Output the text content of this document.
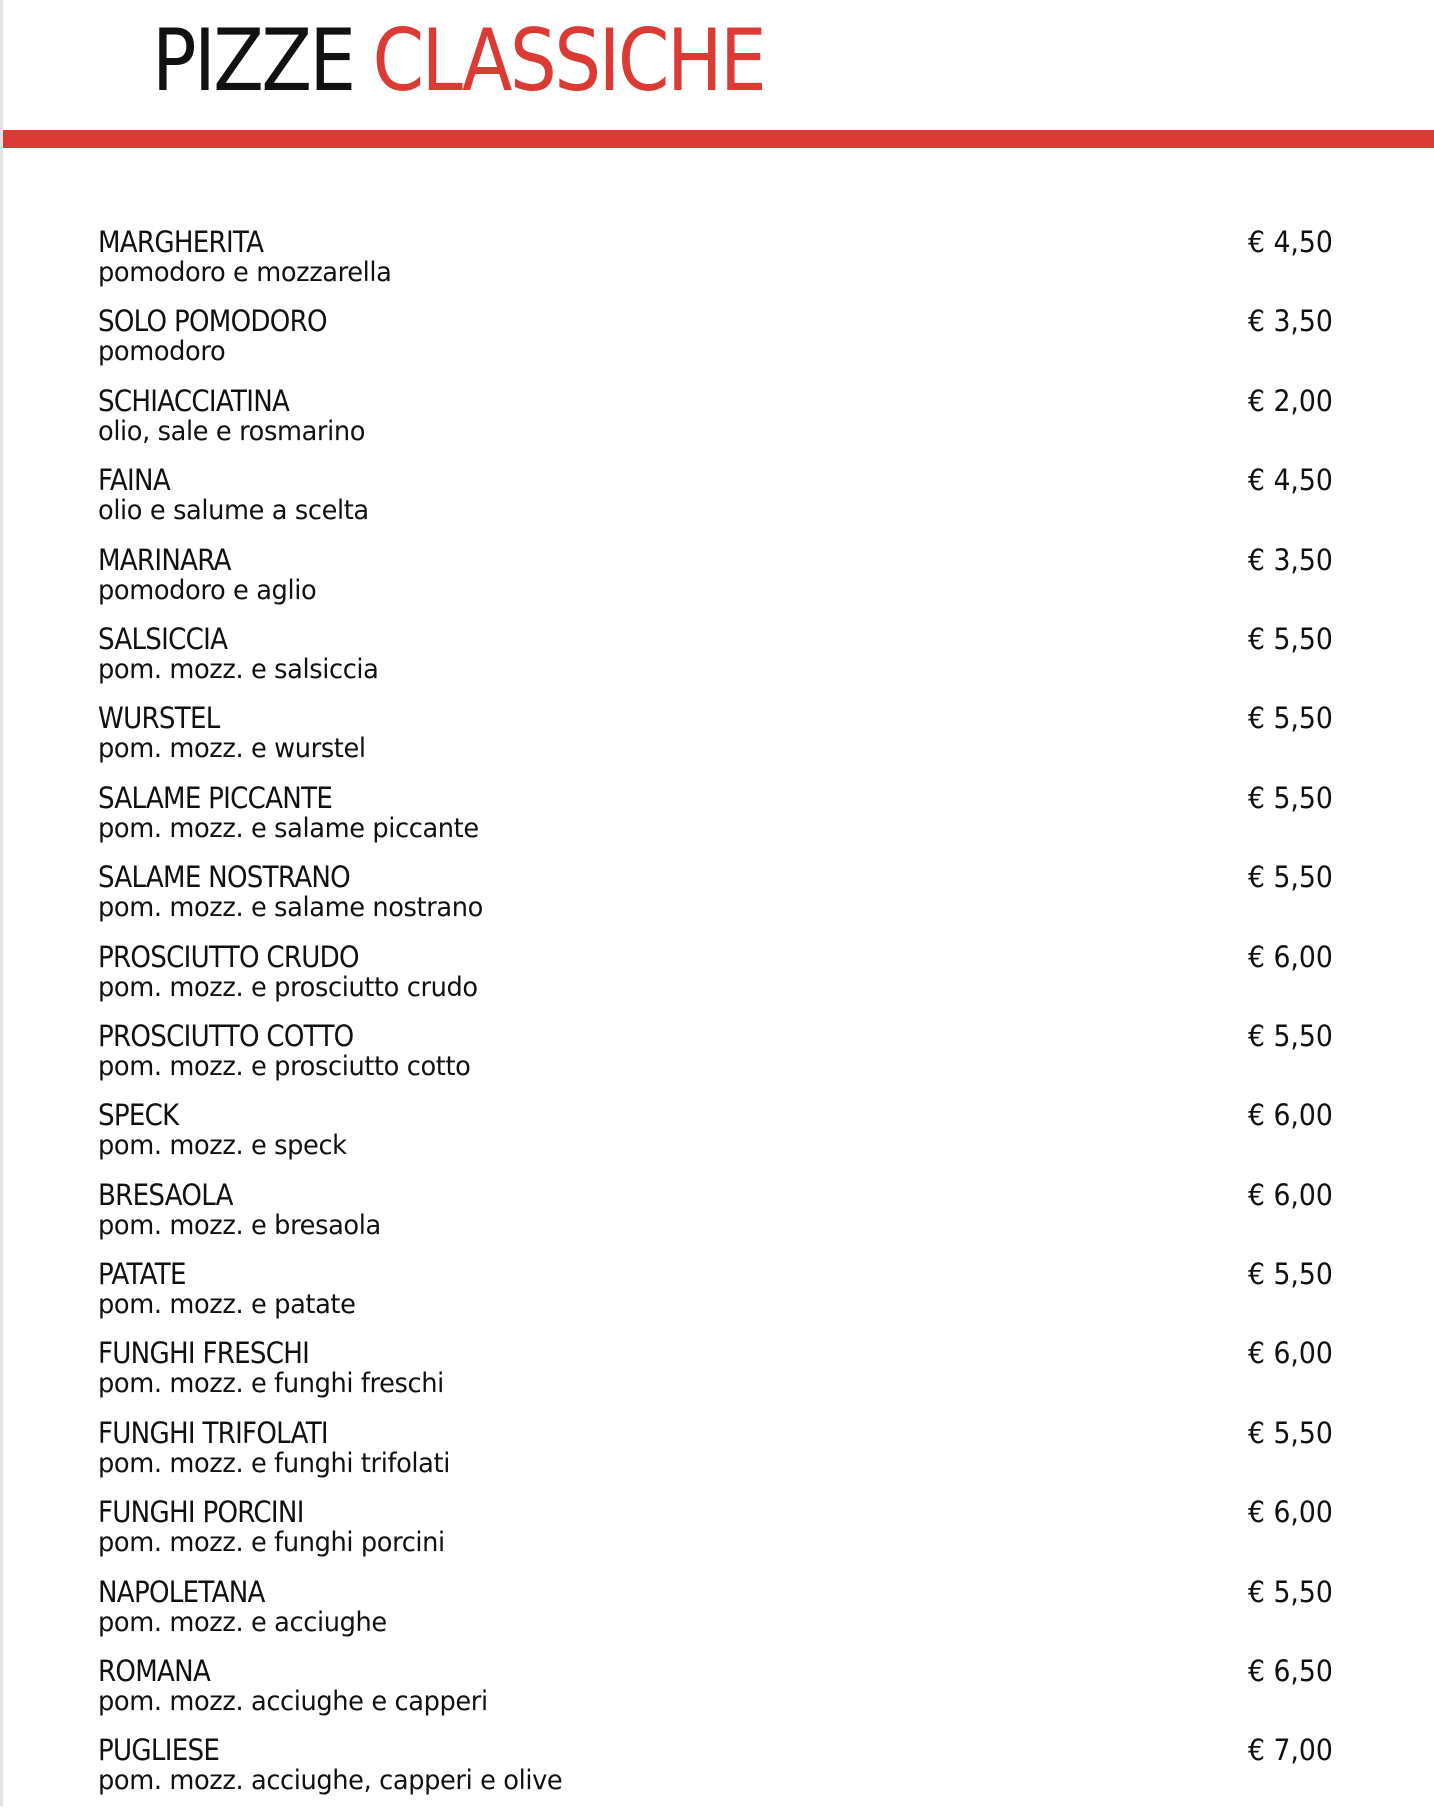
PIZZE CLASSICHE
MARGHERITA
pomodoro e mozzarella
€ 4,50
SOLO POMODORO
pomodoro
€ 3,50
SCHIACCIATINA
olio, sale e rosmarino
€ 2,00
FAINA
olio e salume a scelta
€ 4,50
MARINARA
pomodoro e aglio
€ 3,50
SALSICCIA
pom. mozz. e salsiccia
€ 5,50
WURSTEL
pom. mozz. e wurstel
€ 5,50
SALAME PICCANTE
pom. mozz. e salame piccante
€ 5,50
SALAME NOSTRANO
pom. mozz. e salame nostrano
€ 5,50
PROSCIUTTO CRUDO
pom. mozz. e prosciutto crudo
€ 6,00
PROSCIUTTO COTTO
pom. mozz. e prosciutto cotto
€ 5,50
SPECK
pom. mozz. e speck
€ 6,00
BRESAOLA
pom. mozz. e bresaola
€ 6,00
PATATE
pom. mozz. e patate
€ 5,50
FUNGHI FRESCHI
pom. mozz. e funghi freschi
€ 6,00
FUNGHI TRIFOLATI
pom. mozz. e funghi trifolati
€ 5,50
FUNGHI PORCINI
pom. mozz. e funghi porcini
€ 6,00
NAPOLETANA
pom. mozz. e acciughe
€ 5,50
ROMANA
pom. mozz. acciughe e capperi
€ 6,50
PUGLIESE
pom. mozz. acciughe, capperi e olive
€ 7,00
